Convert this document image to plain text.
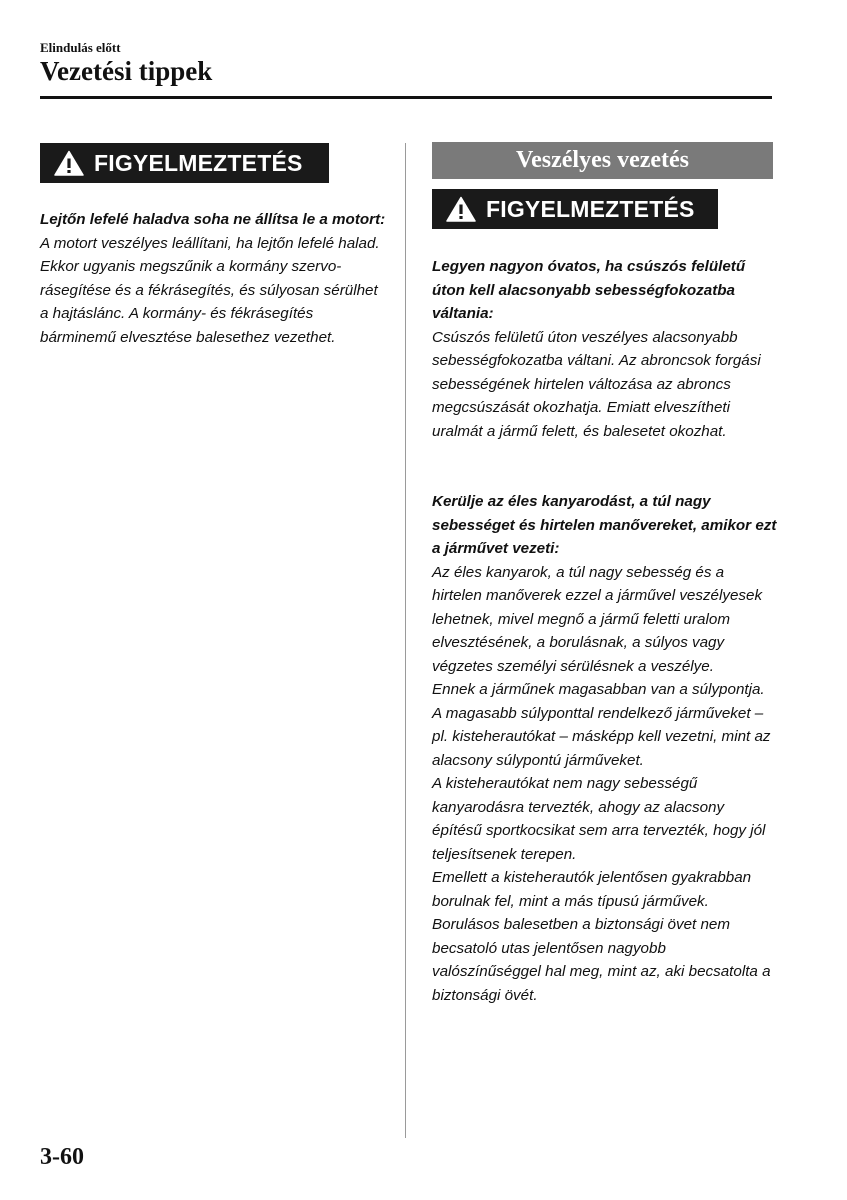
Elindulás előtt
Vezetési tippek
FIGYELMEZTETÉS

Lejtőn lefelé haladva soha ne állítsa le a motort:

A motort veszélyes leállítani, ha lejtőn lefelé halad. Ekkor ugyanis megszűnik a kormány szervo-rásegítése és a fékrásegítés, és súlyosan sérülhet a hajtáslánc. A kormány- és fékrásegítés bárminemű elvesztése balesethez vezethet.

Veszélyes vezetés
FIGYELMEZTETÉS

Legyen nagyon óvatos, ha csúszós felületű úton kell alacsonyabb sebességfokozatba váltania:

Csúszós felületű úton veszélyes alacsonyabb sebességfokozatba váltani. Az abroncsok forgási sebességének hirtelen változása az abroncs megcsúszását okozhatja. Emiatt elveszítheti uralmát a jármű felett, és balesetet okozhat.

Kerülje az éles kanyarodást, a túl nagy sebességet és hirtelen manővereket, amikor ezt a járművet vezeti:

Az éles kanyarok, a túl nagy sebesség és a hirtelen manőverek ezzel a járművel veszélyesek lehetnek, mivel megnő a jármű feletti uralom elvesztésének, a borulásnak, a súlyos vagy végzetes személyi sérülésnek a veszélye.

Ennek a járműnek magasabban van a súlypontja. A magasabb súlyponttal rendelkező járműveket – pl. kisteherautókat – másképp kell vezetni, mint az alacsony súlypontú járműveket.

A kisteherautókat nem nagy sebességű kanyarodásra tervezték, ahogy az alacsony építésű sportkocsikat sem arra tervezték, hogy jól teljesítsenek terepen.

Emellett a kisteherautók jelentősen gyakrabban borulnak fel, mint a más típusú járművek.

Borulásos balesetben a biztonsági övet nem becsatoló utas jelentősen nagyobb valószínűséggel hal meg, mint az, aki becsatolta a biztonsági övét.

3-60
